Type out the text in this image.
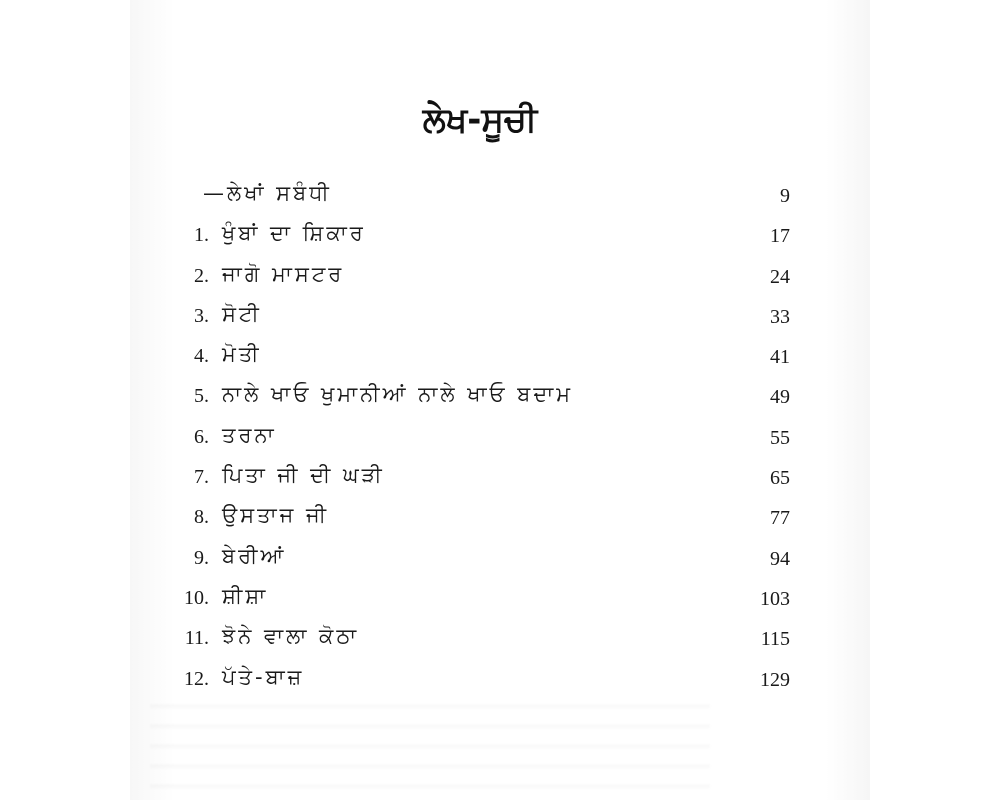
ਲੇਖ-ਸੂਚੀ
—ਲੇਖਾਂ ਸਬੰਧੀ	9
1. ਖੁੰਬਾਂ ਦਾ ਸ਼ਿਕਾਰ	17
2. ਜਾਗੋ ਮਾਸਟਰ	24
3. ਸੋਟੀ	33
4. ਮੋਤੀ	41
5. ਨਾਲੇ ਖਾਓ ਖੁਮਾਨੀਆਂ ਨਾਲੇ ਖਾਓ ਬਦਾਮ	49
6. ਤਰਨਾ	55
7. ਪਿਤਾ ਜੀ ਦੀ ਘੜੀ	65
8. ਉਸਤਾਜ ਜੀ	77
9. ਬੇਰੀਆਂ	94
10. ਸ਼ੀਸ਼ਾ	103
11. ਝੋਨੇ ਵਾਲਾ ਕੋਠਾ	115
12. ਪੱਤੇ-ਬਾਜ਼	129
